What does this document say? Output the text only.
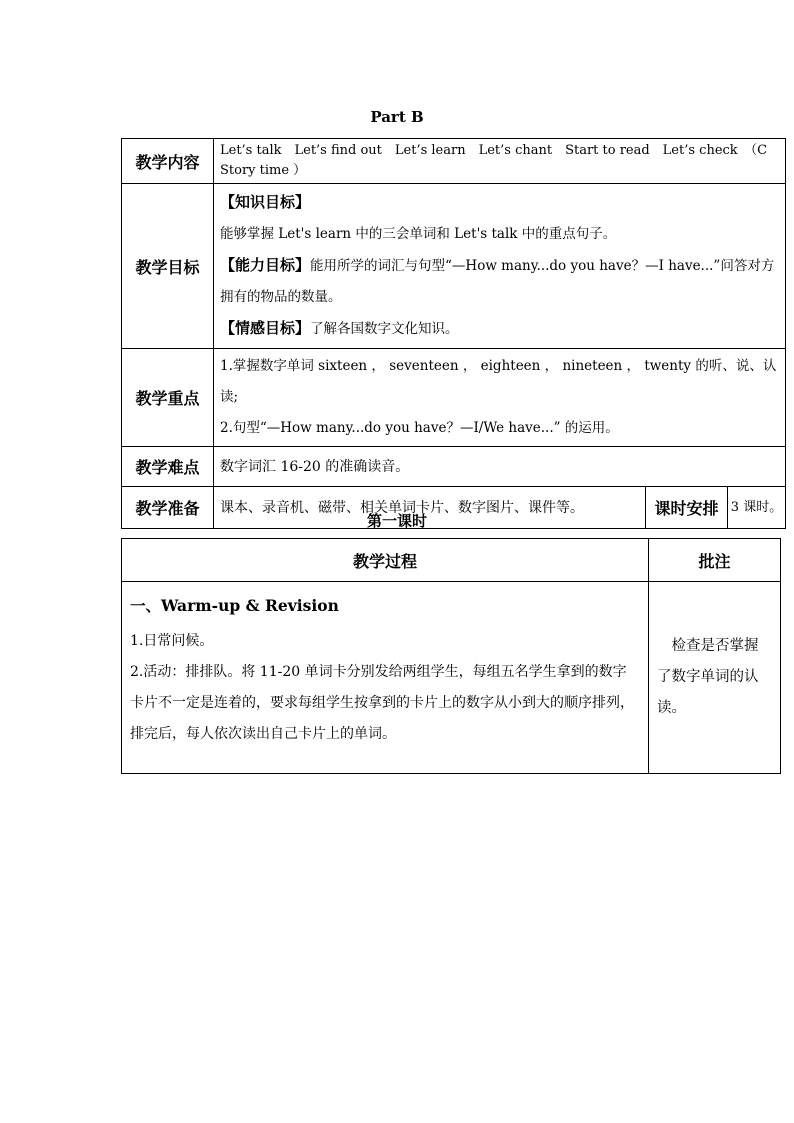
Part B
教学内容	Let’s talk　Let’s find out　Let’s learn　Let’s chant　Start to read　Let’s check　（C Story time ）		
教学目标	【知识目标】
能够掌握 Let's learn 中的三会单词和 Let's talk 中的重点句子。
【能力目标】能用所学的词汇与句型“—How many...do you have？—I have...”问答对方拥有的物品的数量。
【情感目标】了解各国数字文化知识。		

教学重点	1.掌握数字单词 sixteen ， seventeen ， eighteen ， nineteen ， twenty 的听、说、认读;
2.句型“—How many...do you have？—I/We have...” 的运用。		

教学难点	数字词汇 16-20 的准确读音。		
教学准备	课本、录音机、磁带、相关单词卡片、数字图片、课件等。	课时安排	3 课时。
第一课时
教学过程	批注

一、Warm-up & Revision
1.日常问候。
2.活动：排排队。将 11-20 单词卡分别发给两组学生，每组五名学生拿到的数字卡片不一定是连着的，要求每组学生按拿到的卡片上的数字从小到大的顺序排列，排完后，每人依次读出自己卡片上的单词。	　检查是否掌握了数字单词的认读。
